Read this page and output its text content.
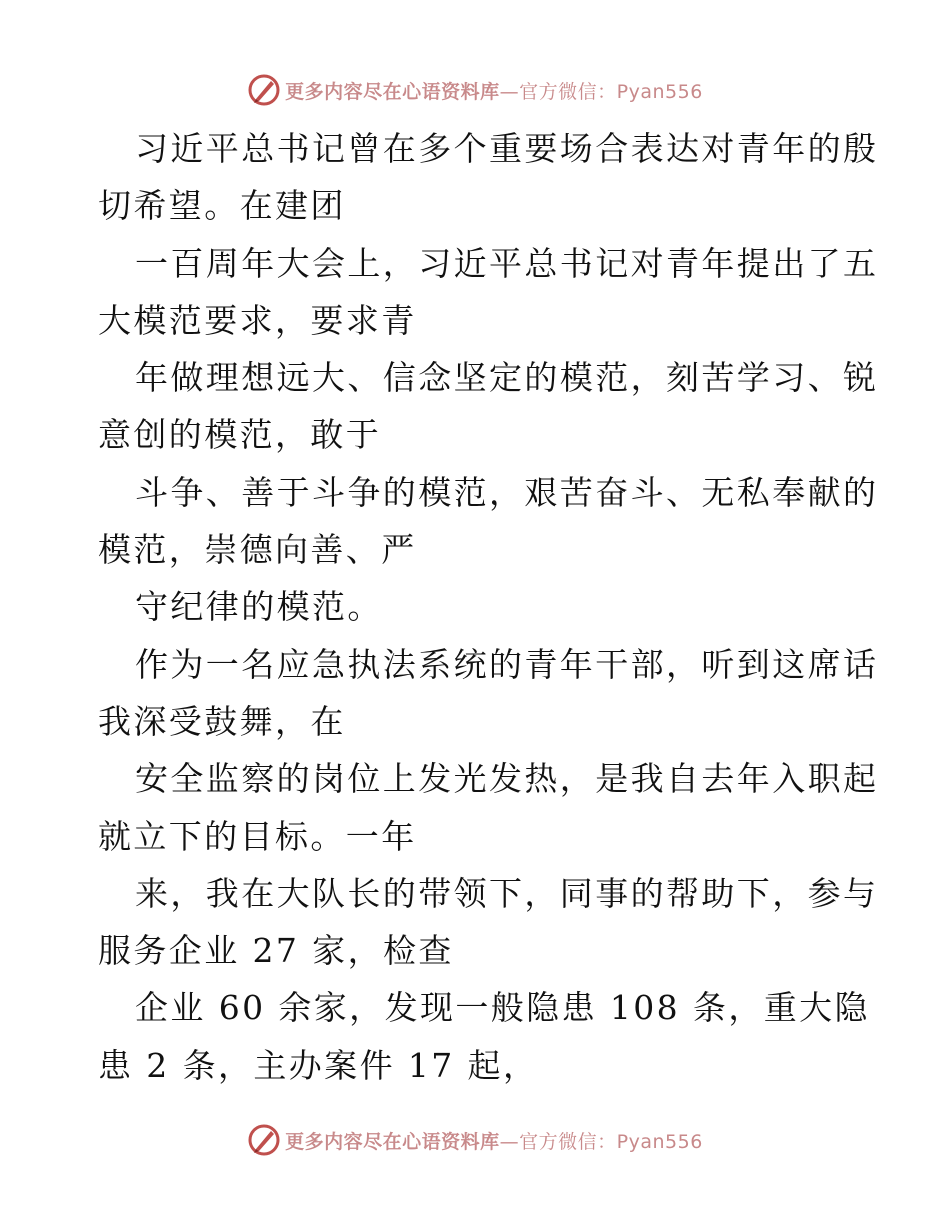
更多内容尽在心语资料库—官方微信：Pyan556
习近平总书记曾在多个重要场合表达对青年的殷
切希望。在建团
一百周年大会上，习近平总书记对青年提出了五
大模范要求，要求青
年做理想远大、信念坚定的模范，刻苦学习、锐
意创的模范，敢于
斗争、善于斗争的模范，艰苦奋斗、无私奉献的
模范，崇德向善、严
守纪律的模范。
作为一名应急执法系统的青年干部，听到这席话
我深受鼓舞，在
安全监察的岗位上发光发热，是我自去年入职起
就立下的目标。一年
来，我在大队长的带领下，同事的帮助下，参与
服务企业 27 家，检查
企业 60 余家，发现一般隐患 108 条，重大隐
患 2 条，主办案件 17 起，
更多内容尽在心语资料库—官方微信：Pyan556
